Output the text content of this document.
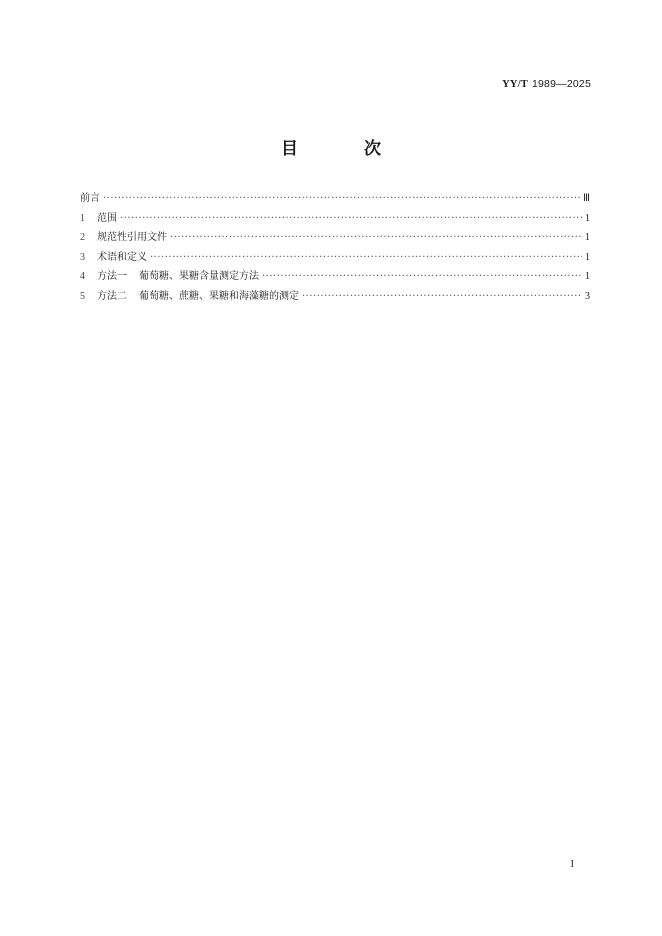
YY/T 1989—2025
目 次
前言 ·····	Ⅲ
1	范围 ·····	1
2	规范性引用文件 ·····	1
3	术语和定义 ·····	1
4	方法一 葡萄糖、果糖含量测定方法 ·····	1
5	方法二 葡萄糖、蔗糖、果糖和海藻糖的测定 ·····	3
I
